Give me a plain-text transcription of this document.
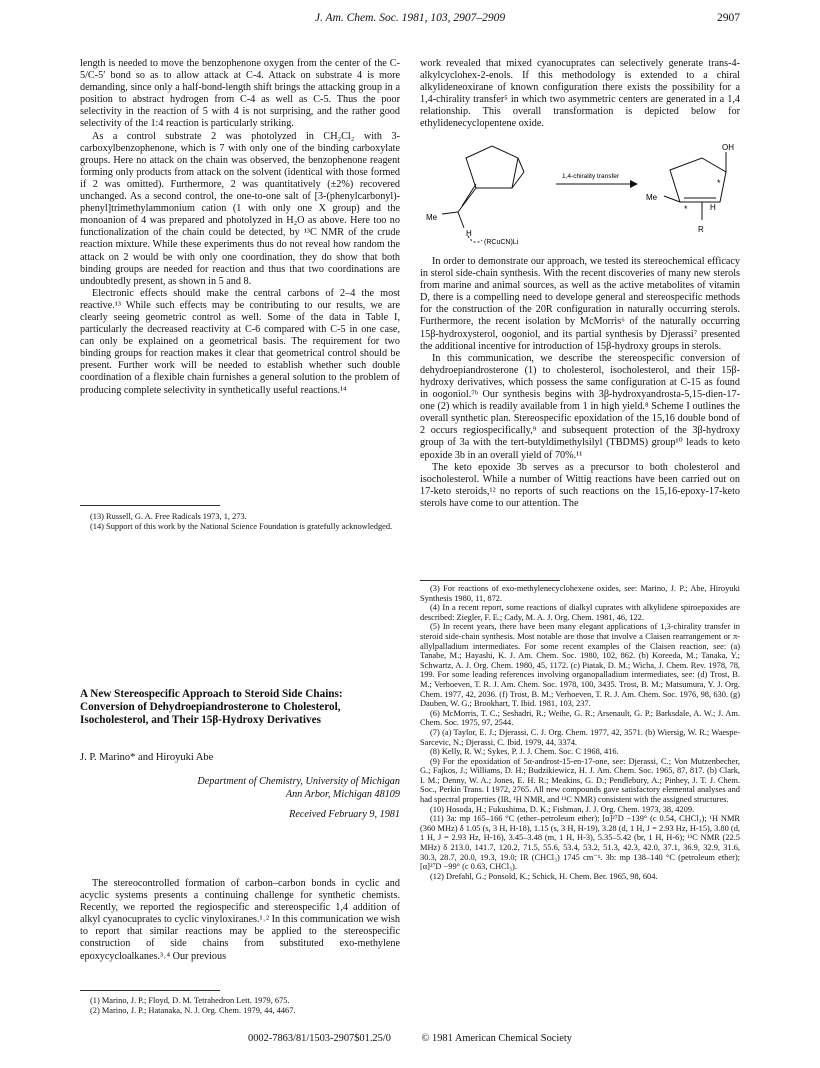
J. Am. Chem. Soc. 1981, 103, 2907–2909	2907

length is needed to move the benzophenone oxygen from the center of the C-5/C-5′ bond so as to allow attack at C-4. Attack on substrate 4 is more demanding, since only a half-bond-length shift brings the attacking group in a position to abstract hydrogen from C-4 as well as C-5. Thus the poor selectivity in the reaction of 5 with 4 is not surprising, and the rather good selectivity of the 1:4 reaction is particularly striking.

As a control substrate 2 was photolyzed in CH₂Cl₂ with 3-carboxylbenzophenone, which is 7 with only one of the binding carboxylate groups. Here no attack on the chain was observed, the benzophenone reagent forming only products from attack on the solvent (identical with those formed if 2 was omitted). Furthermore, 2 was quantitatively (±2%) recovered unchanged. As a second control, the one-to-one salt of [3-(phenylcarbonyl)-phenyl]trimethylammonium cation (1 with only one X group) and the monoanion of 4 was prepared and photolyzed in H₂O as above. Here too no functionalization of the chain could be detected, by ¹³C NMR of the crude reaction mixture. While these experiments thus do not reveal how random the attack on 2 would be with only one coordination, they do show that both binding groups are needed for reaction and thus that two coordinations are undoubtedly present, as shown in 5 and 8.

Electronic effects should make the central carbons of 2–4 the most reactive.¹³ While such effects may be contributing to our results, we are clearly seeing geometric control as well. Some of the data in Table I, particularly the decreased reactivity at C-6 compared with C-5 in one case, can only be explained on a geometrical basis. The requirement for two binding groups for reaction makes it clear that geometrical control should be present. Further work will be needed to establish whether such double coordination of a flexible chain furnishes a general solution to the problem of producing complete selectivity in synthetically useful reactions.¹⁴

(13) Russell, G. A. Free Radicals 1973, 1, 273.

(14) Support of this work by the National Science Foundation is gratefully acknowledged.

A New Stereospecific Approach to Steroid Side Chains: Conversion of Dehydroepiandrosterone to Cholesterol, Isocholesterol, and Their 15β-Hydroxy Derivatives
J. P. Marino* and Hiroyuki Abe
Department of Chemistry, University of Michigan
Ann Arbor, Michigan 48109
Received February 9, 1981

The stereocontrolled formation of carbon–carbon bonds in cyclic and acyclic systems presents a continuing challenge for synthetic chemists. Recently, we reported the regiospecific and stereospecific 1,4 addition of alkyl cyanocuprates to cyclic vinyloxiranes.¹˒² In this communication we wish to report that similar reactions may be applied to the stereospecific construction of side chains from substituted exo-methylene epoxycycloalkanes.³˒⁴ Our previous

(1) Marino, J. P.; Floyd, D. M. Tetrahedron Lett. 1979, 675.

(2) Marino, J. P.; Hatanaka, N. J. Org. Chem. 1979, 44, 4467.

work revealed that mixed cyanocuprates can selectively generate trans-4-alkylcyclohex-2-enols. If this methodology is extended to a chiral alkylideneoxirane of known configuration there exists the possibility for a 1,4-chirality transfer⁵ in which two asymmetric centers are generated in a 1,4 relationship. This overall transformation is depicted below for ethylidenecyclopentene oxide.

Me
H
(RCuCN)Li
1,4-chirality transfer
OH
Me
H
R
*
*

In order to demonstrate our approach, we tested its stereochemical efficacy in sterol side-chain synthesis. With the recent discoveries of many new sterols from marine and animal sources, as well as the active metabolites of vitamin D, there is a compelling need to develope general and stereospecific methods for the construction of the 20R configuration in naturally occurring sterols. Furthermore, the recent isolation by McMorris⁶ of the naturally occurring 15β-hydroxysterol, oogoniol, and its partial synthesis by Djerassi⁷ presented the additional incentive for introduction of 15β-hydroxy groups in sterols.

In this communication, we describe the stereospecific conversion of dehydroepiandrosterone (1) to cholesterol, isocholesterol, and their 15β-hydroxy derivatives, which possess the same configuration at C-15 as found in oogoniol.⁷ᵇ Our synthesis begins with 3β-hydroxyandrosta-5,15-dien-17-one (2) which is readily available from 1 in high yield.⁸ Scheme I outlines the overall synthetic plan. Stereospecific epoxidation of the 15,16 double bond of 2 occurs regiospecifically,⁹ and subsequent protection of the 3β-hydroxy group of 3a with the tert-butyldimethylsilyl (TBDMS) group¹⁰ leads to keto epoxide 3b in an overall yield of 70%.¹¹

The keto epoxide 3b serves as a precursor to both cholesterol and isocholesterol. While a number of Wittig reactions have been carried out on 17-keto steroids,¹² no reports of such reactions on the 15,16-epoxy-17-keto sterols have come to our attention. The

(3) For reactions of exo-methylenecyclohexene oxides, see: Marino, J. P.; Abe, Hiroyuki Synthesis 1980, 11, 872.

(4) In a recent report, some reactions of dialkyl cuprates with alkylidene spiroepoxides are described: Ziegler, F. E.; Cady, M. A. J. Org. Chem. 1981, 46, 122.

(5) In recent years, there have been many elegant applications of 1,3-chirality transfer in steroid side-chain synthesis. Most notable are those that involve a Claisen rearrangement or π-allylpalladium intermediates. For some recent examples of the Claisen reaction, see: (a) Tanabe, M.; Hayashi, K. J. Am. Chem. Soc. 1980, 102, 862. (b) Koreeda, M.; Tanaka, Y.; Schwartz, A. J. Org. Chem. 1980, 45, 1172. (c) Piatak, D. M.; Wicha, J. Chem. Rev. 1978, 78, 199. For some leading references involving organopalladium intermediates, see: (d) Trost, B. M.; Verhoeven, T. R. J. Am. Chem. Soc. 1978, 100, 3435. Trost, B. M.; Matsumura, Y. J. Org. Chem. 1977, 42, 2036. (f) Trost, B. M.; Verhoeven, T. R. J. Am. Chem. Soc. 1976, 98, 630. (g) Dauben, W. G.; Brookhart, T. Ibid. 1981, 103, 237.

(6) McMorris, T. C.; Seshadri, R.; Weihe, G. R.; Arsenault, G. P.; Barksdale, A. W.; J. Am. Chem. Soc. 1975, 97, 2544.

(7) (a) Taylor, E. J.; Djerassi, C. J. Org. Chem. 1977, 42, 3571. (b) Wiersig, W. R.; Waespe-Sarcevic, N.; Djerassi, C. Ibid. 1979, 44, 3374.

(8) Kelly, R. W.; Sykes, P. J. J. Chem. Soc. C 1968, 416.

(9) For the epoxidation of 5α-androst-15-en-17-one, see: Djerassi, C.; Von Mutzenbecher, G.; Fajkos, J.; Williams, D. H.; Budzikiewicz, H. J. Am. Chem. Soc. 1965, 87, 817. (b) Clark, I. M.; Denny, W. A.; Jones, E. H. R.; Meakins, G. D.; Pendlebury, A.; Pinhey, J. T. J. Chem. Soc., Perkin Trans. I 1972, 2765. All new compounds gave satisfactory elemental analyses and had spectral properties (IR, ¹H NMR, and ¹³C NMR) consistent with the assigned structures.

(10) Hosoda, H.; Fukushima, D. K.; Fishman, J. J. Org. Chem. 1973, 38, 4209.

(11) 3a: mp 165–166 °C (ether–petroleum ether); [α]²⁷D −139° (c 0.54, CHCl₃); ¹H NMR (360 MHz) δ 1.05 (s, 3 H, H-18), 1.15 (s, 3 H, H-19), 3.28 (d, 1 H, J = 2.93 Hz, H-15), 3.80 (d, 1 H, J = 2.93 Hz, H-16), 3.45–3.48 (m, 1 H, H-3), 5.35–5.42 (br, 1 H, H-6); ¹³C NMR (22.5 MHz) δ 213.0, 141.7, 120.2, 71.5, 55.6, 53.4, 53.2, 51.3, 42.3, 42.0, 37.1, 36.9, 32.9, 31.6, 30.3, 28.7, 20.0, 19.3, 19.0; IR (CHCl₃) 1745 cm⁻¹. 3b: mp 138–140 °C (petroleum ether); [α]²⁷D −99° (c 0.63, CHCl₃).

(12) Drefahl, G.; Ponsold, K.; Schick, H. Chem. Ber. 1965, 98, 604.

0002-7863/81/1503-2907$01.25/0	© 1981 American Chemical Society
